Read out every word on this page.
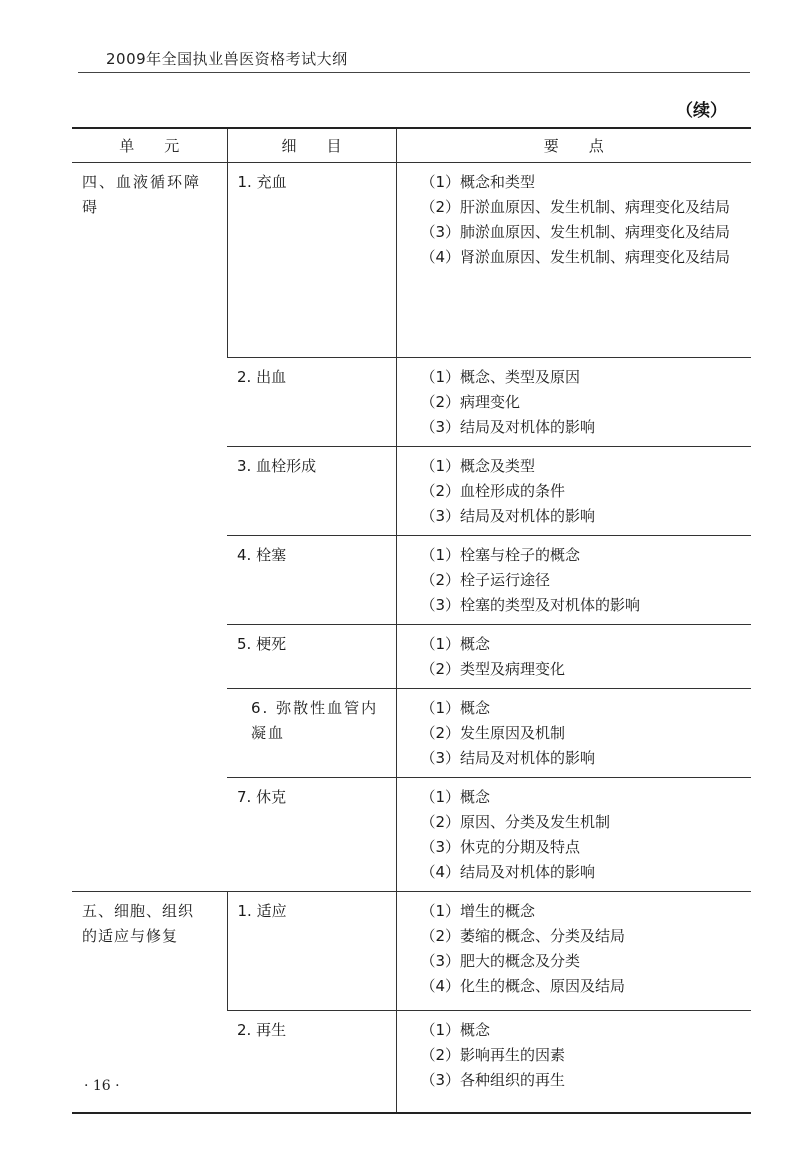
2009年全国执业兽医资格考试大纲
（续）
单　　元	细　　目	要　　点

四、血液循环障碍	1. 充血	（1）概念和类型
（2）肝淤血原因、发生机制、病理变化及结局
（3）肺淤血原因、发生机制、病理变化及结局
（4）肾淤血原因、发生机制、病理变化及结局

	2. 出血	（1）概念、类型及原因
（2）病理变化
（3）结局及对机体的影响

	3. 血栓形成	（1）概念及类型
（2）血栓形成的条件
（3）结局及对机体的影响

	4. 栓塞	（1）栓塞与栓子的概念
（2）栓子运行途径
（3）栓塞的类型及对机体的影响

	5. 梗死	（1）概念
（2）类型及病理变化

	6. 弥散性血管内凝血	（1）概念
（2）发生原因及机制
（3）结局及对机体的影响

	7. 休克	（1）概念
（2）原因、分类及发生机制
（3）休克的分期及特点
（4）结局及对机体的影响

五、细胞、组织的适应与修复	1. 适应	（1）增生的概念
（2）萎缩的概念、分类及结局
（3）肥大的概念及分类
（4）化生的概念、原因及结局

	2. 再生	（1）概念
（2）影响再生的因素
（3）各种组织的再生
· 16 ·
